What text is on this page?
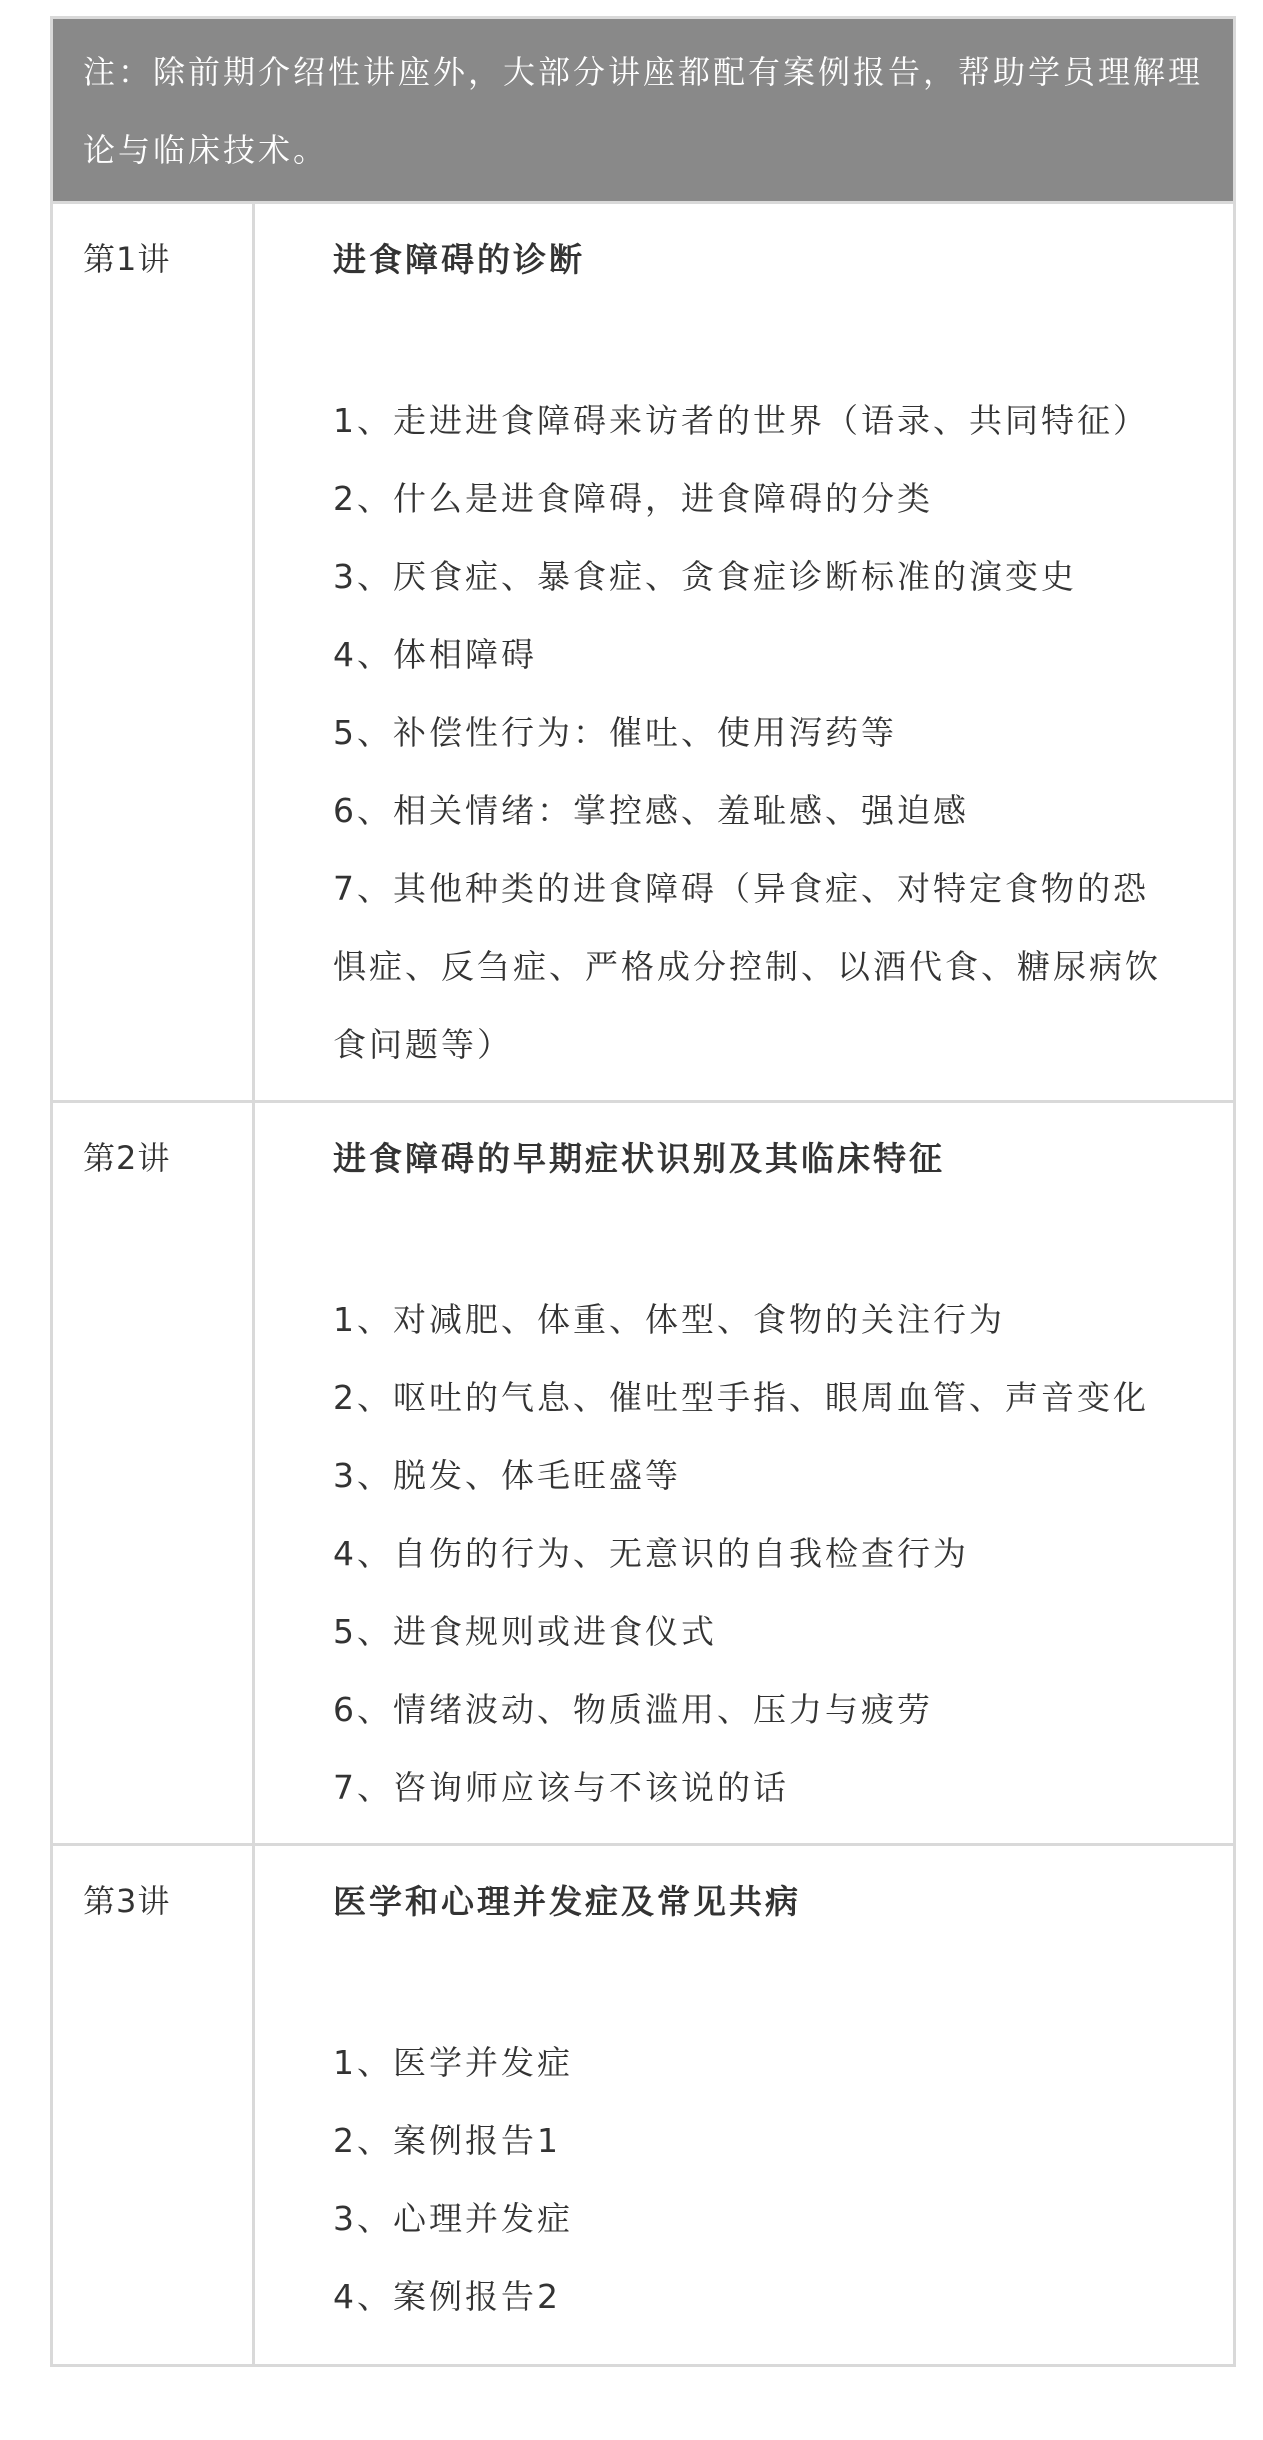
注：除前期介绍性讲座外，大部分讲座都配有案例报告，帮助学员理解理论与临床技术。
第1讲	进食障碍的诊断
1、走进进食障碍来访者的世界（语录、共同特征）
2、什么是进食障碍，进食障碍的分类
3、厌食症、暴食症、贪食症诊断标准的演变史
4、体相障碍
5、补偿性行为：催吐、使用泻药等
6、相关情绪：掌控感、羞耻感、强迫感
7、其他种类的进食障碍（异食症、对特定食物的恐惧症、反刍症、严格成分控制、以酒代食、糖尿病饮食问题等）
第2讲	进食障碍的早期症状识别及其临床特征
1、对减肥、体重、体型、食物的关注行为
2、呕吐的气息、催吐型手指、眼周血管、声音变化
3、脱发、体毛旺盛等
4、自伤的行为、无意识的自我检查行为
5、进食规则或进食仪式
6、情绪波动、物质滥用、压力与疲劳
7、咨询师应该与不该说的话
第3讲	医学和心理并发症及常见共病
1、医学并发症
2、案例报告1
3、心理并发症
4、案例报告2
